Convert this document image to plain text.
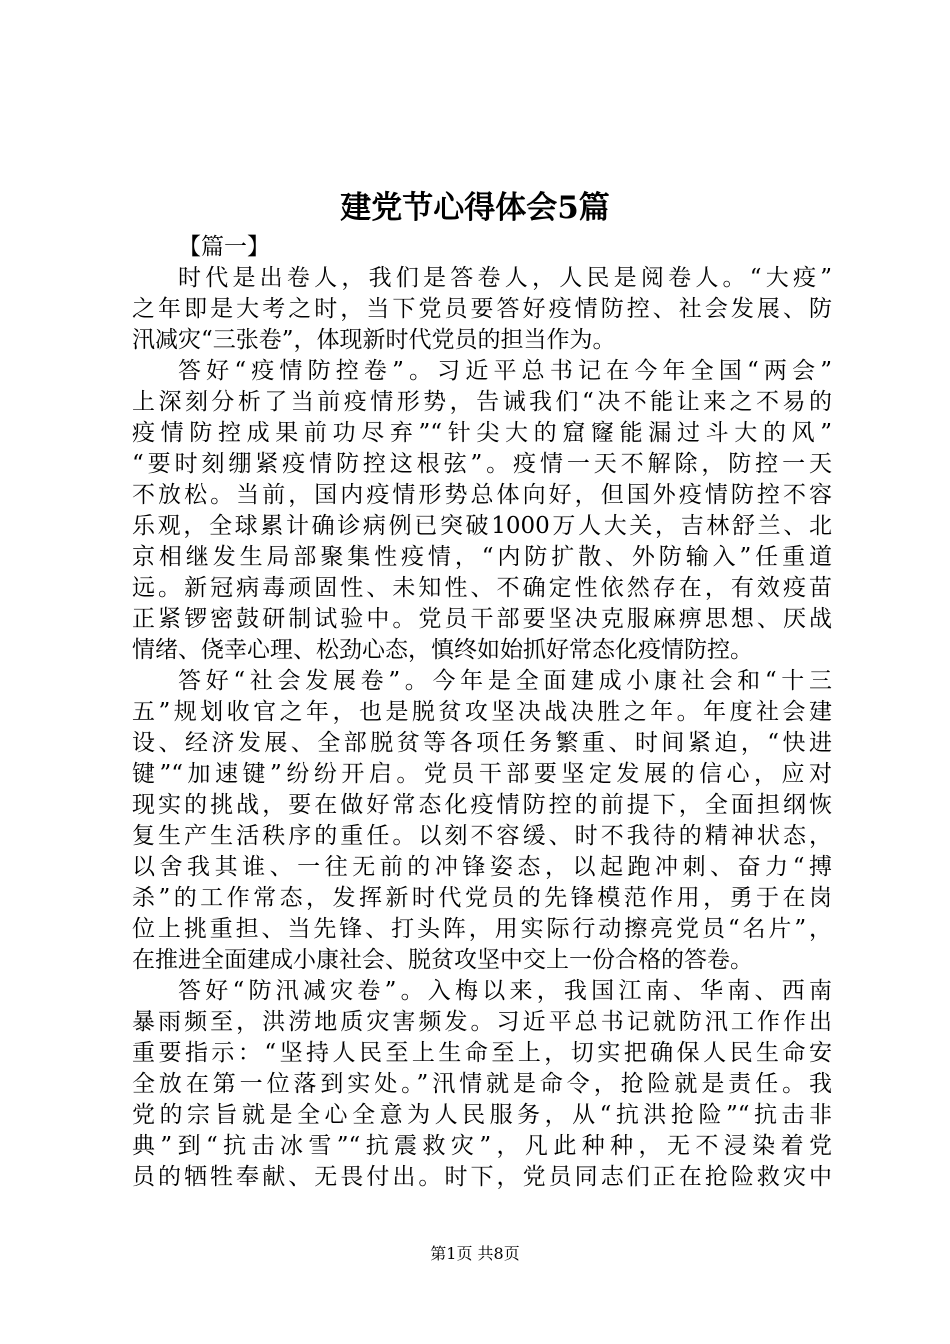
建党节心得体会5篇
【篇一】
时代是出卷人，我们是答卷人，人民是阅卷人。“大疫”
之年即是大考之时，当下党员要答好疫情防控、社会发展、防
汛减灾“三张卷”，体现新时代党员的担当作为。
答好“疫情防控卷”。习近平总书记在今年全国“两会”
上深刻分析了当前疫情形势，告诫我们“决不能让来之不易的
疫情防控成果前功尽弃”“针尖大的窟窿能漏过斗大的风”
“要时刻绷紧疫情防控这根弦”。疫情一天不解除，防控一天
不放松。当前，国内疫情形势总体向好，但国外疫情防控不容
乐观，全球累计确诊病例已突破1000万人大关，吉林舒兰、北
京相继发生局部聚集性疫情，“内防扩散、外防输入”任重道
远。新冠病毒顽固性、未知性、不确定性依然存在，有效疫苗
正紧锣密鼓研制试验中。党员干部要坚决克服麻痹思想、厌战
情绪、侥幸心理、松劲心态，慎终如始抓好常态化疫情防控。
答好“社会发展卷”。今年是全面建成小康社会和“十三
五”规划收官之年，也是脱贫攻坚决战决胜之年。年度社会建
设、经济发展、全部脱贫等各项任务繁重、时间紧迫，“快进
键”“加速键”纷纷开启。党员干部要坚定发展的信心，应对
现实的挑战，要在做好常态化疫情防控的前提下，全面担纲恢
复生产生活秩序的重任。以刻不容缓、时不我待的精神状态，
以舍我其谁、一往无前的冲锋姿态，以起跑冲刺、奋力“搏
杀”的工作常态，发挥新时代党员的先锋模范作用，勇于在岗
位上挑重担、当先锋、打头阵，用实际行动擦亮党员“名片”，
在推进全面建成小康社会、脱贫攻坚中交上一份合格的答卷。
答好“防汛减灾卷”。入梅以来，我国江南、华南、西南
暴雨频至，洪涝地质灾害频发。习近平总书记就防汛工作作出
重要指示：“坚持人民至上生命至上，切实把确保人民生命安
全放在第一位落到实处。”汛情就是命令，抢险就是责任。我
党的宗旨就是全心全意为人民服务，从“抗洪抢险”“抗击非
典”到“抗击冰雪”“抗震救灾”，凡此种种，无不浸染着党
员的牺牲奉献、无畏付出。时下，党员同志们正在抢险救灾中
第1页 共8页
